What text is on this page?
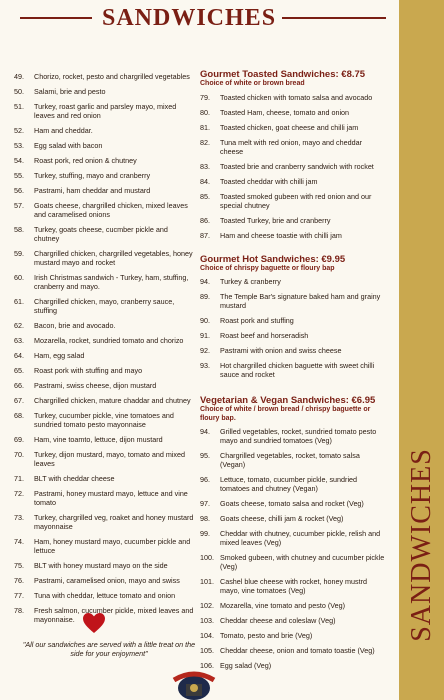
SANDWICHES
49.	Chorizo, rocket, pesto and chargrilled vegetables
50.	Salami, brie and pesto
51.	Turkey, roast garlic and parsley mayo, mixed leaves and red onion
52.	Ham and cheddar.
53.	Egg salad with bacon
54.	Roast pork, red onion & chutney
55.	Turkey, stuffing, mayo and cranberry
56.	Pastrami, ham cheddar and mustard
57.	Goats cheese, chargrilled chicken, mixed leaves and caramelised onions
58.	Turkey, goats cheese, cucmber pickle and chutney
59.	Chargrilled chicken, chargrilled vegetables, honey mustard mayo and rocket
60.	Irish Christmas sandwich - Turkey, ham, stuffing, cranberry and mayo.
61.	Chargrilled chicken, mayo, cranberry sauce, stuffing
62.	Bacon, brie and avocado.
63.	Mozarella, rocket, sundried tomato and chorizo
64.	Ham, egg salad
65.	Roast pork with stuffing and mayo
66.	Pastrami, swiss cheese, dijon mustard
67.	Chargrilled chicken, mature chaddar and chutney
68.	Turkey, cucumber pickle, vine tomatoes and sundried tomato pesto mayonnaise
69.	Ham, vine toamto, lettuce, dijon mustard
70.	Turkey, dijon mustard, mayo, tomato and mixed leaves
71.	BLT with cheddar cheese
72.	Pastrami, honey mustard mayo, lettuce and vine tomato
73.	Turkey, chargrilled veg, roaket and honey mustard mayonnaise
74.	Ham, honey mustard mayo, cucumber pickle and lettuce
75.	BLT with honey mustard mayo on the side
76.	Pastrami, caramelised onion, mayo and swiss
77.	Tuna with cheddar, lettuce tomato and onion
78.	Fresh salmon, cucumber pickle, mixed leaves and mayonnaise.
Gourmet Toasted Sandwiches: €8.75
Choice of white or brown bread
79.	Toasted chicken with tomato salsa and avocado
80.	Toasted Ham, cheese, tomato and onion
81.	Toasted chicken, goat cheese and chilli jam
82.	Tuna melt with red onion, mayo and cheddar cheese
83.	Toasted brie and cranberry sandwich with rocket
84.	Toasted cheddar with chilli jam
85.	Toasted smoked gubeen with red onion and our special chutney
86.	Toasted Turkey, brie and cranberry
87.	Ham and cheese toastie with chilli jam
Gourmet Hot Sandwiches: €9.95
Choice of chrispy baguette or floury bap
94.	Turkey & cranberry
89.	The Temple Bar's signature baked ham and grainy mustard
90.	Roast pork and stuffing
91.	Roast beef and horseradish
92.	Pastrami with onion and swiss cheese
93.	Hot chargrilled chicken baguette with sweet chilli sauce and rocket
Vegetarian & Vegan Sandwiches: €6.95
Choice of white / brown bread / chrispy baguette or floury bap.
94.	Grilled vegetables, rocket, sundried tomato pesto mayo and sundried tomatoes (Veg)
95.	Chargrilled vegetables, rocket, tomato salsa (Vegan)
96.	Lettuce, tomato, cucumber pickle, sundried tomatoes and chutney (Vegan)
97.	Goats cheese, tomato salsa and rocket (Veg)
98.	Goats cheese, chilli jam & rocket (Veg)
99.	Cheddar with chutney, cucumber pickle, relish and mixed leaves (Veg)
100. Smoked gubeen, with chutney and cucumber pickle (Veg)
101. Cashel blue cheese with rocket, honey mustrd mayo, vine tomatoes (Veg)
102. Mozarella, vine tomato and pesto (Veg)
103. Cheddar cheese and coleslaw (Veg)
104. Tomato, pesto and brie (Veg)
105. Cheddar cheese, onion and tomato toastie (Veg)
106. Egg salad (Veg)
"All our sandwiches are served with a little treat on the side for your enjoyment"
SANDWICHES
